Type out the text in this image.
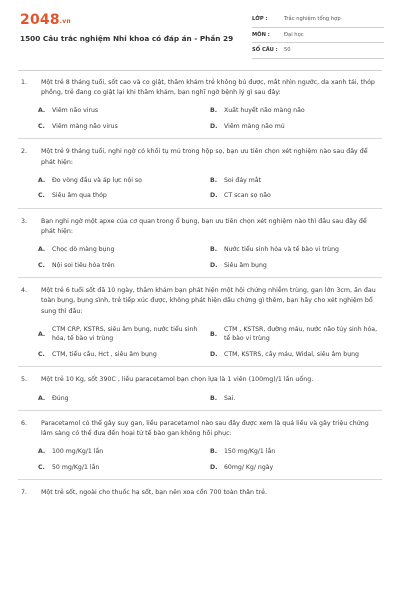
2048.vn
1500 Câu trắc nghiệm Nhi khoa có đáp án - Phần 29
LỚP :	Trắc nghiệm tổng hợp
MÔN :	Đại học
SỐ CÂU :	50
1.	Một trẻ 8 tháng tuổi, sốt cao và co giật, thăm khám trẻ không bú được, mắt nhìn ngước, da xanh tái, thóp phồng, trẻ đang co giật lại khi thăm khám, bạn nghĩ ngờ bệnh lý gì sau đây:
A.	Viêm não virus	B.	Xuất huyết não màng não
C.	Viêm màng não virus	D.	Viêm màng não mủ
2.	Một trẻ 9 tháng tuổi, nghi ngờ có khối tụ mủ trong hộp sọ, bạn ưu tiên chọn xét nghiệm nào sau đây để phát hiện:
A.	Đo vòng đầu và áp lực nội sọ	B.	Soi đáy mắt
C.	Siêu âm qua thóp	D.	CT scan sọ não
3.	Bạn nghi ngờ một apxe của cơ quan trong ổ bụng, bạn ưu tiên chọn xét nghiệm nào thì đầu sau đây để phát hiện:
A.	Chọc dò màng bụng	B.	Nước tiểu sinh hóa và tế bào vi trùng
C.	Nội soi tiêu hóa trên	D.	Siêu âm bụng
4.	Một trẻ 6 tuổi sốt đã 10 ngày, thăm khám bạn phát hiện một hội chứng nhiễm trùng, gan lớn 3cm, ấn đau toàn bụng, bụng sình, trẻ tiếp xúc được, không phát hiện dấu chứng gì thêm, bạn hãy cho xét nghiệm bổ sung thì đầu:
A.
CTM CRP, KSTRS, siêu âm bụng, nước tiểu sinh hóa, tế bào vi trùng
B.
CTM , KSTSR, đường máu, nước não tủy sinh hóa, tế bào vi trùng
C.	CTM, tiểu cầu, Hct , siêu âm bụng	D.	CTM, KSTRS, cấy máu, Widal, siêu âm bụng
5.	Một trẻ 10 Kg, sốt 390C , liều paracetamol bạn chọn lựa là 1 viên (100mg)/1 lần uống.
A.	Đúng	B.	Sai.
6.	Paracetamol có thể gây suy gan, liều paracetamol nào sau đây được xem là quá liều và gây triệu chứng lâm sàng có thể đưa đến hoại tử tế bào gan không hồi phục:
A.	100 mg/Kg/1 lần	B.	150 mg/Kg/1 lần
C.	50 mg/Kg/1 lần	D.	60mg/ Kg/ ngày
7.	Một trẻ sốt, ngoài cho thuốc hạ sốt, bạn nên xoa cồn 700 toàn thân trẻ.
